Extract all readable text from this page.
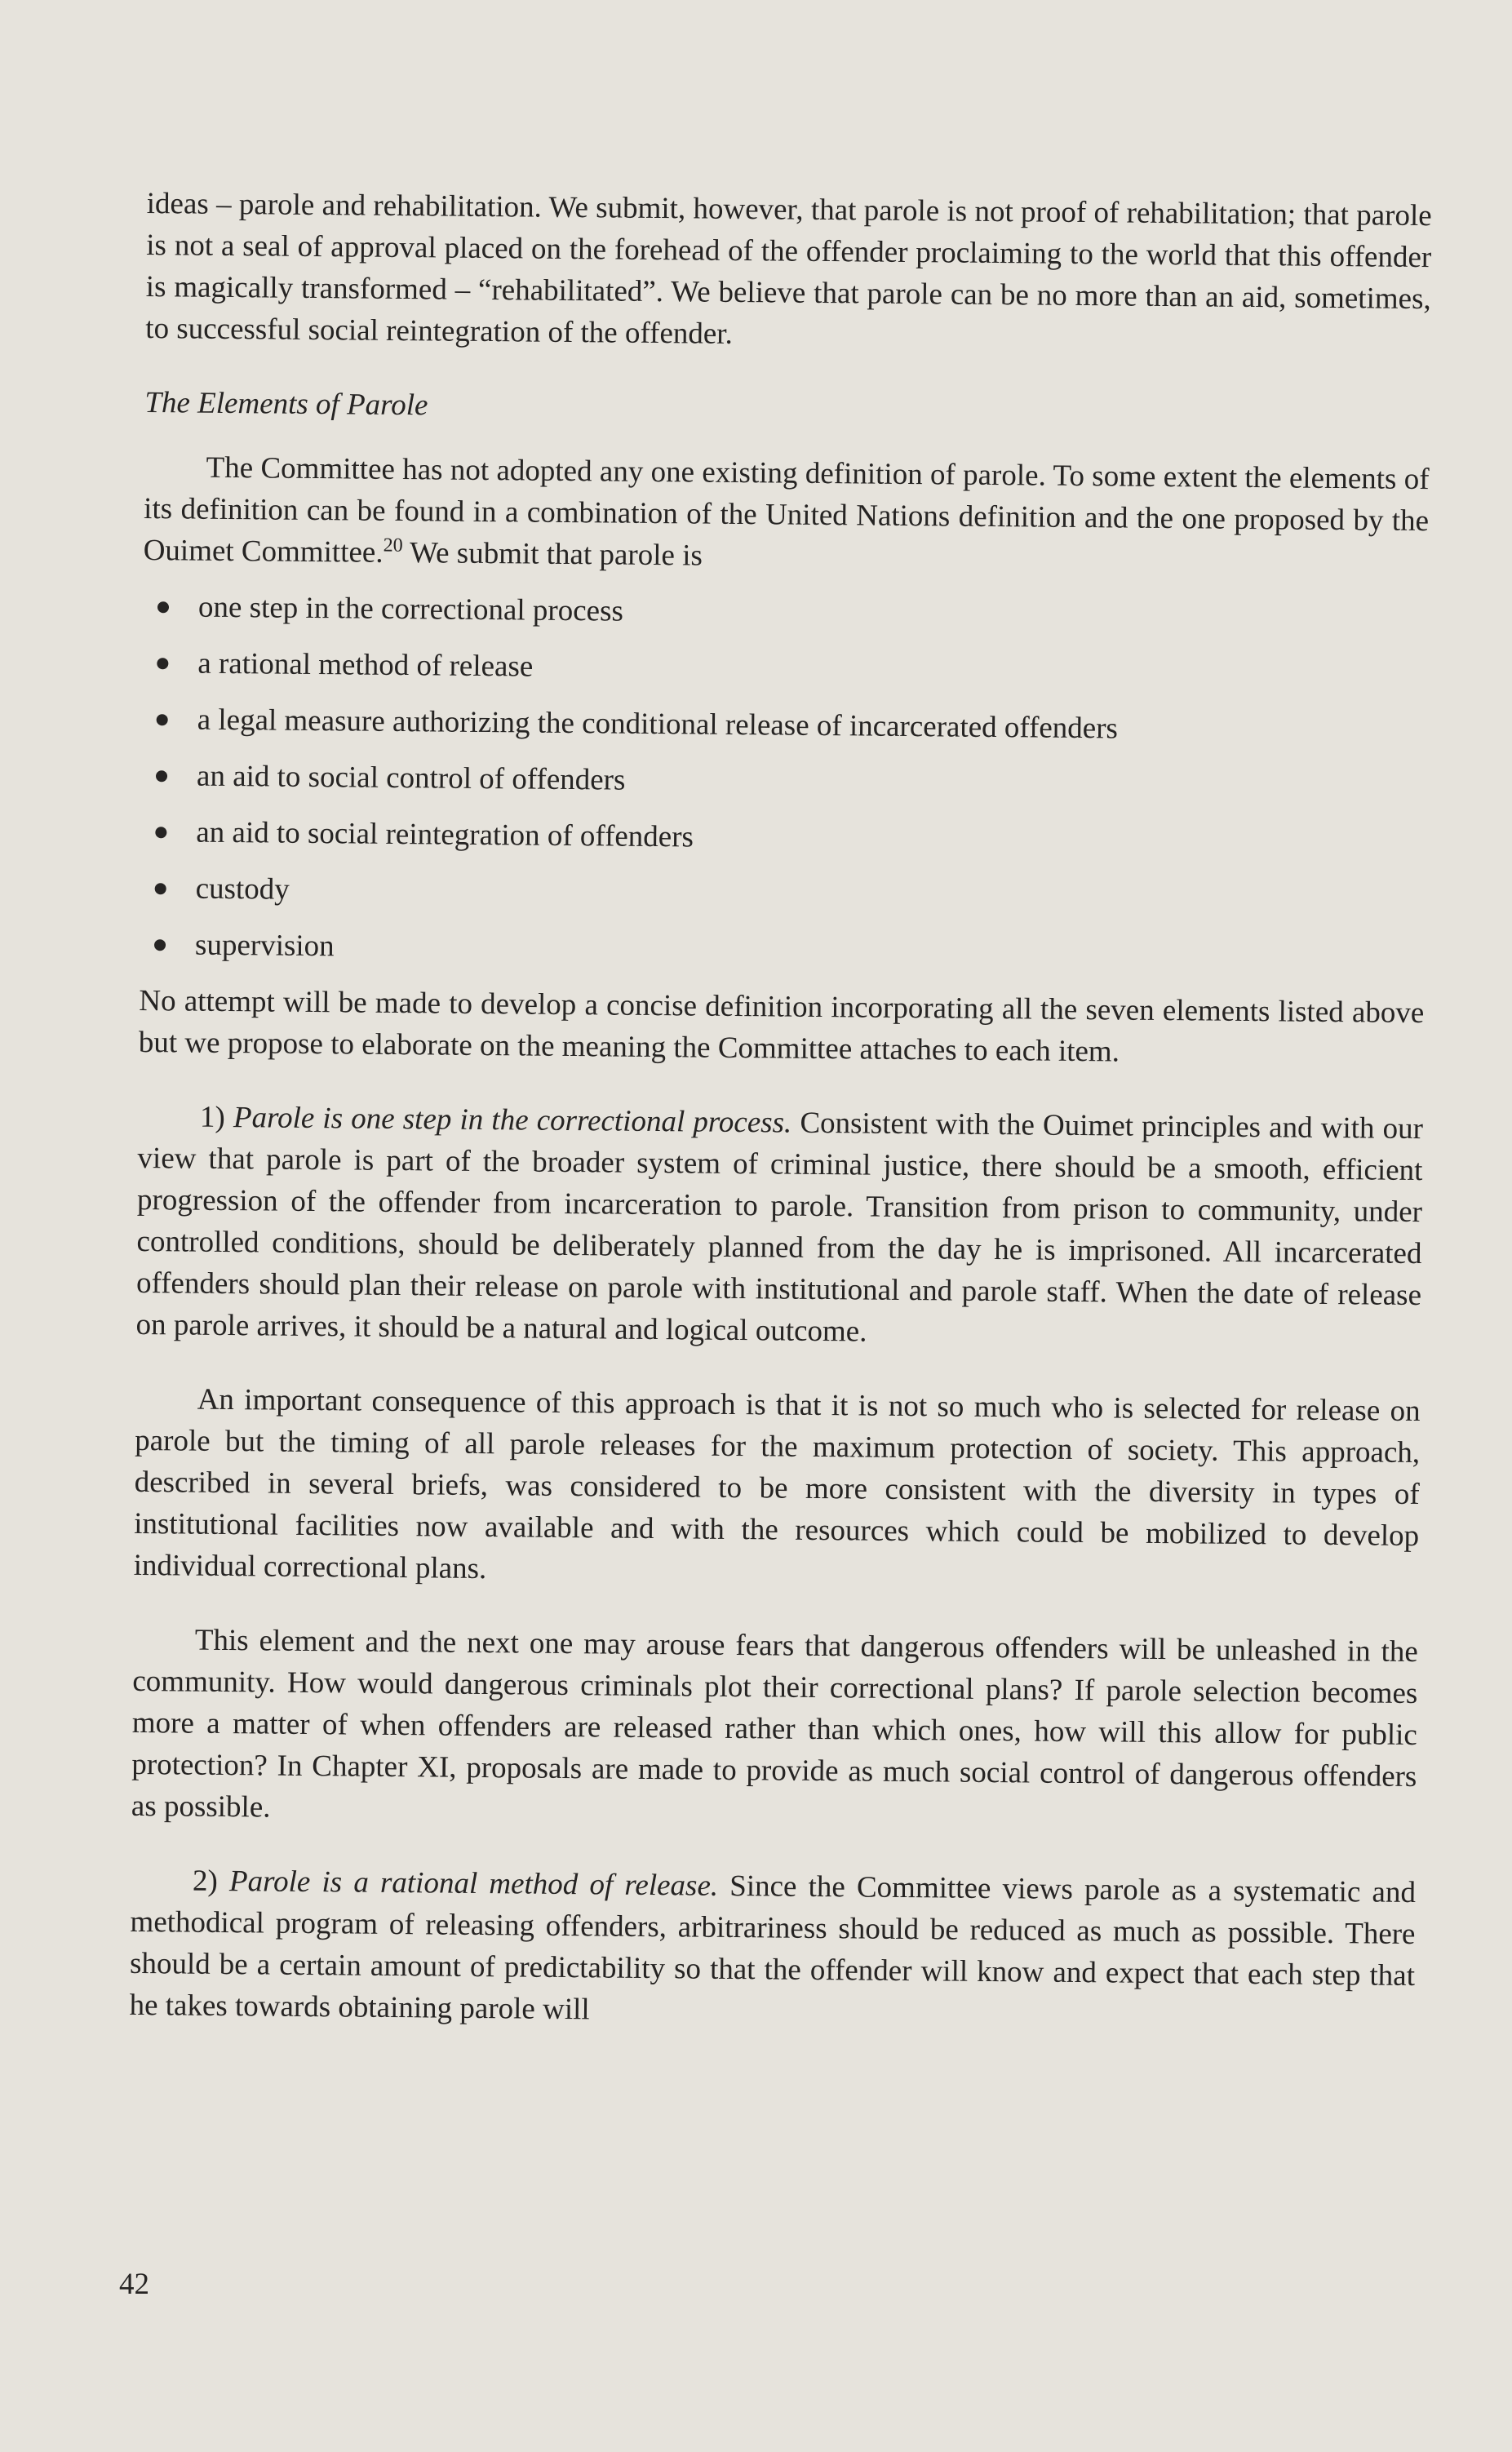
ideas – parole and rehabilitation. We submit, however, that parole is not proof of rehabilitation; that parole is not a seal of approval placed on the forehead of the offender proclaiming to the world that this offender is magically transformed – “rehabilitated”. We believe that parole can be no more than an aid, sometimes, to successful social reintegration of the offender.

The Elements of Parole

The Committee has not adopted any one existing definition of parole. To some extent the elements of its definition can be found in a combination of the United Nations definition and the one proposed by the Ouimet Committee.$^{20}$ We submit that parole is

one step in the correctional process
a rational method of release
a legal measure authorizing the conditional release of incarcerated offenders
an aid to social control of offenders
an aid to social reintegration of offenders
custody
supervision

No attempt will be made to develop a concise definition incorporating all the seven elements listed above but we propose to elaborate on the meaning the Committee attaches to each item.

1) Parole is one step in the correctional process. Consistent with the Ouimet principles and with our view that parole is part of the broader system of criminal justice, there should be a smooth, efficient progression of the offender from incarceration to parole. Transition from prison to community, under controlled conditions, should be deliberately planned from the day he is imprisoned. All incarcerated offenders should plan their release on parole with institutional and parole staff. When the date of release on parole arrives, it should be a natural and logical outcome.

An important consequence of this approach is that it is not so much who is selected for release on parole but the timing of all parole releases for the maximum protection of society. This approach, described in several briefs, was considered to be more consistent with the diversity in types of institutional facilities now available and with the resources which could be mobilized to develop individual correctional plans.

This element and the next one may arouse fears that dangerous offenders will be unleashed in the community. How would dangerous criminals plot their correctional plans? If parole selection becomes more a matter of when offenders are released rather than which ones, how will this allow for public protection? In Chapter XI, proposals are made to provide as much social control of dangerous offenders as possible.

2) Parole is a rational method of release. Since the Committee views parole as a systematic and methodical program of releasing offenders, arbitrariness should be reduced as much as possible. There should be a certain amount of predictability so that the offender will know and expect that each step that he takes towards obtaining parole will

42
